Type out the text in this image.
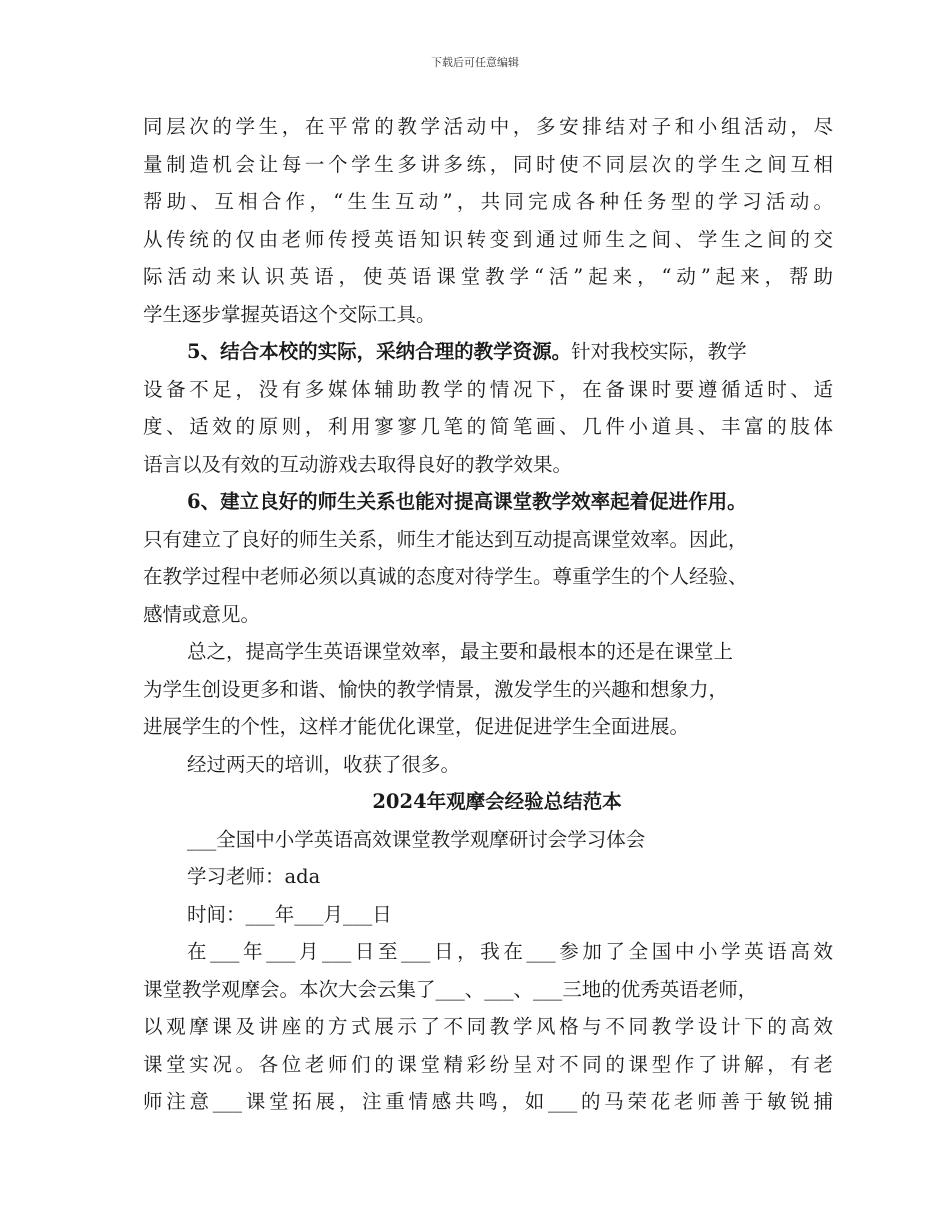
下载后可任意编辑
同层次的学生，在平常的教学活动中，多安排结对子和小组活动，尽
量制造机会让每一个学生多讲多练，同时使不同层次的学生之间互相
帮助、互相合作，“生生互动”，共同完成各种任务型的学习活动。
从传统的仅由老师传授英语知识转变到通过师生之间、学生之间的交
际活动来认识英语，使英语课堂教学“活”起来，“动”起来，帮助
学生逐步掌握英语这个交际工具。
5、结合本校的实际，采纳合理的教学资源。针对我校实际，教学
设备不足，没有多媒体辅助教学的情况下，在备课时要遵循适时、适
度、适效的原则，利用寥寥几笔的简笔画、几件小道具、丰富的肢体
语言以及有效的互动游戏去取得良好的教学效果。
6、建立良好的师生关系也能对提高课堂教学效率起着促进作用。
只有建立了良好的师生关系，师生才能达到互动提高课堂效率。因此，
在教学过程中老师必须以真诚的态度对待学生。尊重学生的个人经验、
感情或意见。
总之，提高学生英语课堂效率，最主要和最根本的还是在课堂上
为学生创设更多和谐、愉快的教学情景，激发学生的兴趣和想象力，
进展学生的个性，这样才能优化课堂，促进促进学生全面进展。
经过两天的培训，收获了很多。
2024年观摩会经验总结范本
___全国中小学英语高效课堂教学观摩研讨会学习体会
学习老师：ada
时间：___年___月___日
在___年___月___日至___日，我在___参加了全国中小学英语高效
课堂教学观摩会。本次大会云集了___、___、___三地的优秀英语老师，
以观摩课及讲座的方式展示了不同教学风格与不同教学设计下的高效
课堂实况。各位老师们的课堂精彩纷呈对不同的课型作了讲解，有老
师注意___课堂拓展，注重情感共鸣，如___的马荣花老师善于敏锐捕
